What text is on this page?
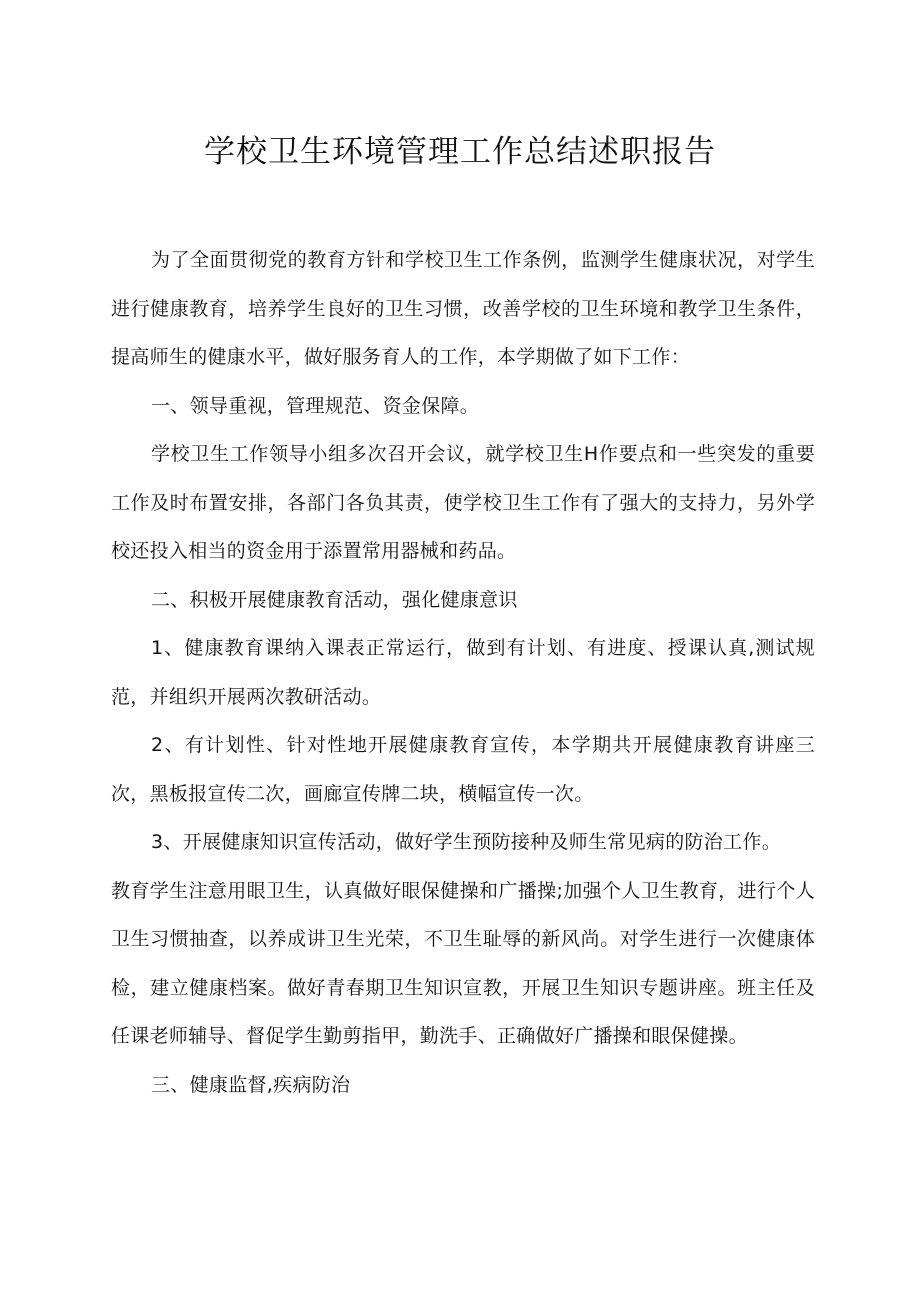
学校卫生环境管理工作总结述职报告

为了全面贯彻党的教育方针和学校卫生工作条例，监测学生健康状况，对学生进行健康教育，培养学生良好的卫生习惯，改善学校的卫生环境和教学卫生条件，提高师生的健康水平，做好服务育人的工作，本学期做了如下工作：

一、领导重视，管理规范、资金保障。

学校卫生工作领导小组多次召开会议，就学校卫生H作要点和一些突发的重要工作及时布置安排，各部门各负其责，使学校卫生工作有了强大的支持力，另外学校还投入相当的资金用于添置常用器械和药品。

二、积极开展健康教育活动，强化健康意识

1、健康教育课纳入课表正常运行，做到有计划、有进度、授课认真,测试规范，并组织开展两次教研活动。

2、有计划性、针对性地开展健康教育宣传，本学期共开展健康教育讲座三次，黑板报宣传二次，画廊宣传牌二块，横幅宣传一次。

3、开展健康知识宣传活动，做好学生预防接种及师生常见病的防治工作。

教育学生注意用眼卫生，认真做好眼保健操和广播操;加强个人卫生教育，进行个人卫生习惯抽查，以养成讲卫生光荣，不卫生耻辱的新风尚。对学生进行一次健康体检，建立健康档案。做好青春期卫生知识宣教，开展卫生知识专题讲座。班主任及任课老师辅导、督促学生勤剪指甲，勤洗手、正确做好广播操和眼保健操。

三、健康监督,疾病防治
